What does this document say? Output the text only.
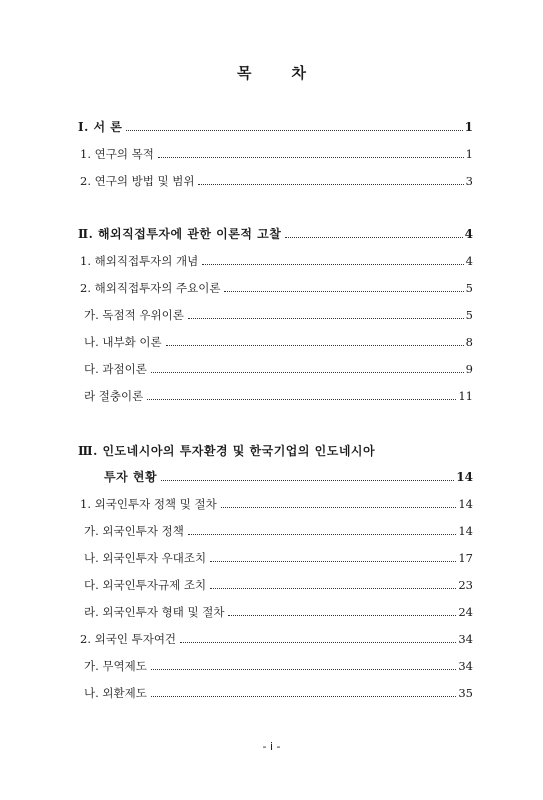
목	차
Ⅰ. 서 론	1
1. 연구의 목적	1
2. 연구의 방법 및 범위	3
Ⅱ. 해외직접투자에 관한 이론적 고찰	4
1. 해외직접투자의 개념	4
2. 해외직접투자의 주요이론	5
가. 독점적 우위이론	5
나. 내부화 이론	8
다. 과점이론	9
라 절충이론	11
Ⅲ. 인도네시아의 투자환경 및 한국기업의 인도네시아
투자 현황	14
1. 외국인투자 정책 및 절차	14
가. 외국인투자 정책	14
나. 외국인투자 우대조치	17
다. 외국인투자규제 조치	23
라. 외국인투자 형태 및 절차	24
2. 외국인 투자여건	34
가. 무역제도	34
나. 외환제도	35
- i -
